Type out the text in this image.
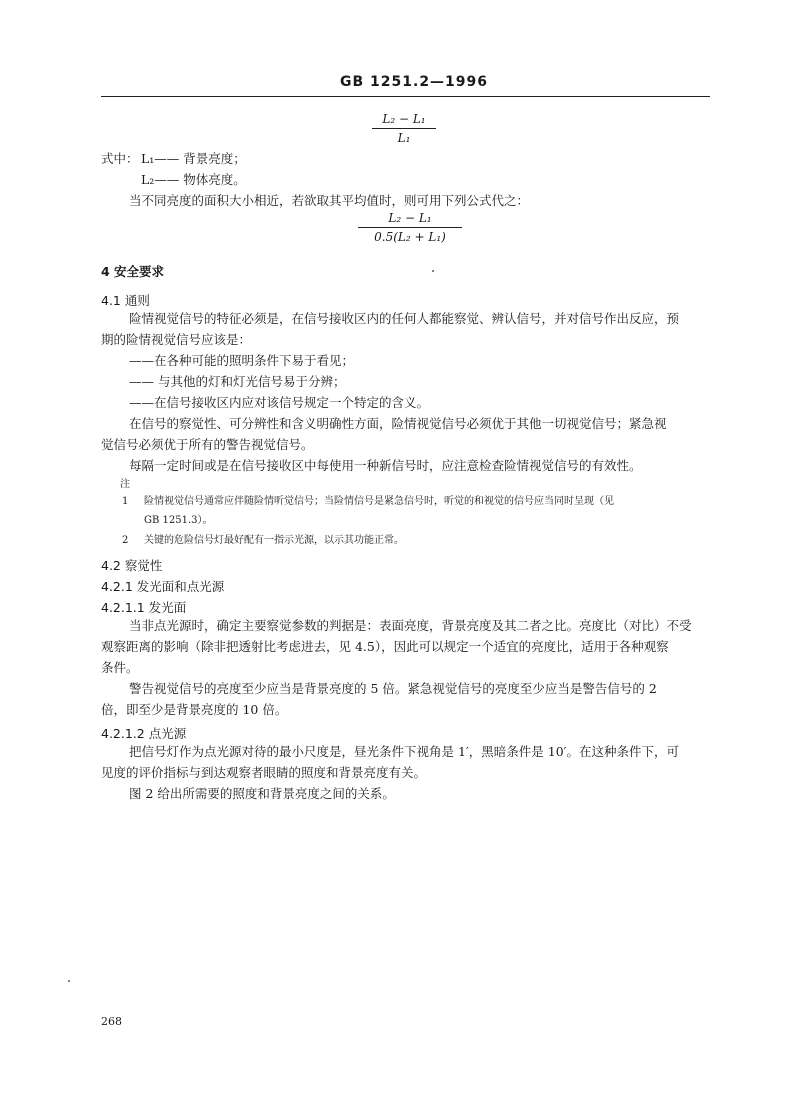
GB 1251.2—1996
$\frac{\text{L₂ − L₁}}{\text{L₁}}$
式中： L₁—— 背景亮度；
L₂—— 物体亮度。
当不同亮度的面积大小相近，若欲取其平均值时，则可用下列公式代之：
$\frac{\text{L₂ − L₁}}{\text{0.5(L₂ + L₁)}}$
4 安全要求
4.1 通则
险情视觉信号的特征必须是，在信号接收区内的任何人都能察觉、辨认信号，并对信号作出反应，预
期的险情视觉信号应该是：
——在各种可能的照明条件下易于看见；
—— 与其他的灯和灯光信号易于分辨；
——在信号接收区内应对该信号规定一个特定的含义。
在信号的察觉性、可分辨性和含义明确性方面，险情视觉信号必须优于其他一切视觉信号；紧急视
觉信号必须优于所有的警告视觉信号。
每隔一定时间或是在信号接收区中每使用一种新信号时，应注意检查险情视觉信号的有效性。
注
1 险情视觉信号通常应伴随险情听觉信号；当险情信号是紧急信号时，听觉的和视觉的信号应当同时呈现（见
GB 1251.3）。
2 关键的危险信号灯最好配有一指示光源，以示其功能正常。
4.2 察觉性
4.2.1 发光面和点光源
4.2.1.1 发光面
当非点光源时，确定主要察觉参数的判据是：表面亮度，背景亮度及其二者之比。亮度比（对比）不受
观察距离的影响（除非把透射比考虑进去，见 4.5），因此可以规定一个适宜的亮度比，适用于各种观察
条件。
警告视觉信号的亮度至少应当是背景亮度的 5 倍。紧急视觉信号的亮度至少应当是警告信号的 2
倍，即至少是背景亮度的 10 倍。
4.2.1.2 点光源
把信号灯作为点光源对待的最小尺度是，昼光条件下视角是 1′，黑暗条件是 10′。在这种条件下，可
见度的评价指标与到达观察者眼睛的照度和背景亮度有关。
图 2 给出所需要的照度和背景亮度之间的关系。
268
